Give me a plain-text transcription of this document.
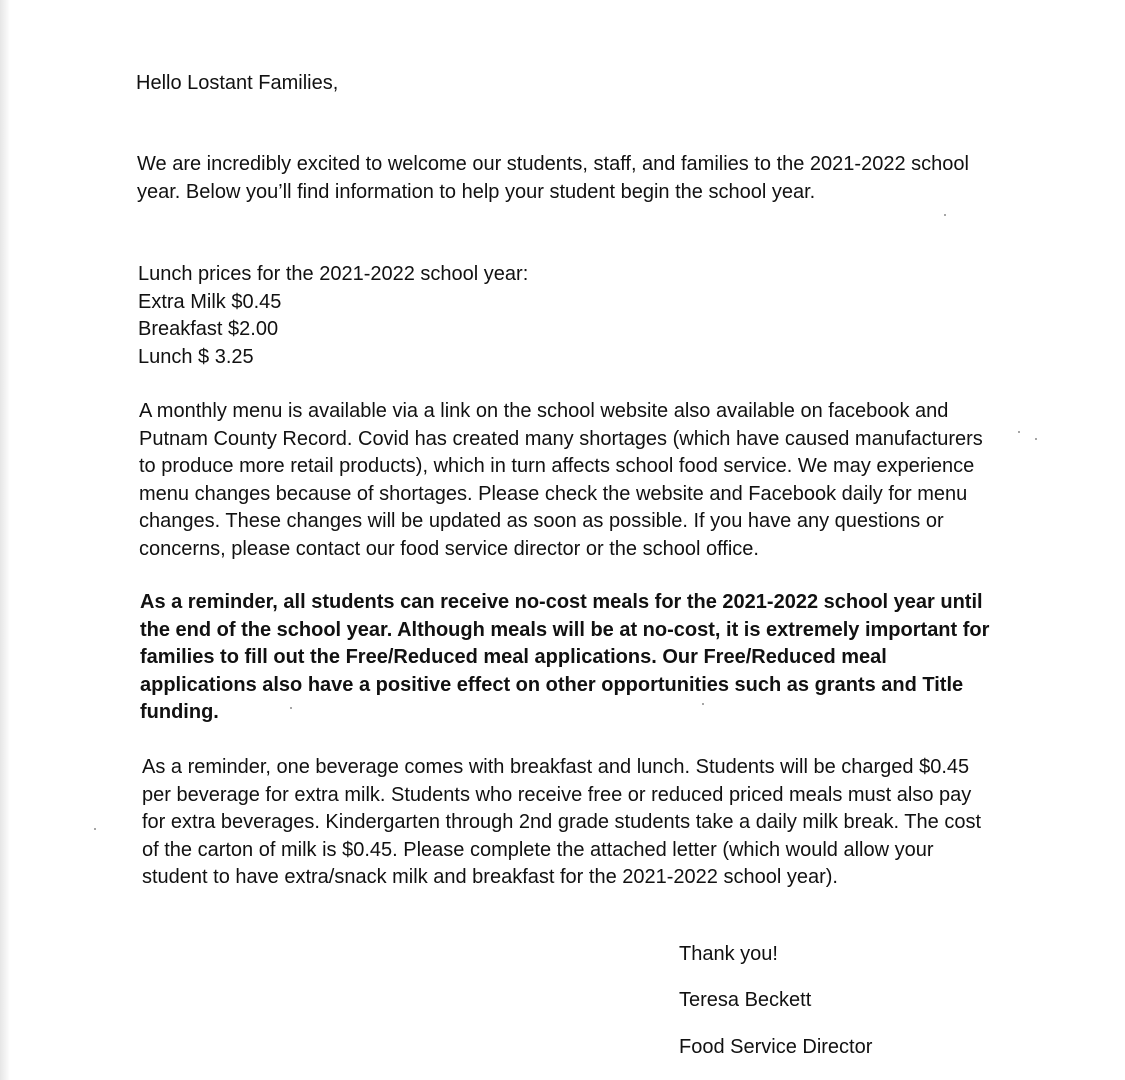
Hello Lostant Families,
We are incredibly excited to welcome our students, staff, and families to the 2021-2022 school
year. Below you’ll find information to help your student begin the school year.
Lunch prices for the 2021-2022 school year:
Extra Milk $0.45
Breakfast $2.00
Lunch $ 3.25
A monthly menu is available via a link on the school website also available on facebook and
Putnam County Record. Covid has created many shortages (which have caused manufacturers
to produce more retail products), which in turn affects school food service. We may experience
menu changes because of shortages. Please check the website and Facebook daily for menu
changes. These changes will be updated as soon as possible. If you have any questions or
concerns, please contact our food service director or the school office.
As a reminder, all students can receive no-cost meals for the 2021-2022 school year until
the end of the school year. Although meals will be at no-cost, it is extremely important for
families to fill out the Free/Reduced meal applications. Our Free/Reduced meal
applications also have a positive effect on other opportunities such as grants and Title
funding.
As a reminder, one beverage comes with breakfast and lunch. Students will be charged $0.45
per beverage for extra milk. Students who receive free or reduced priced meals must also pay
for extra beverages. Kindergarten through 2nd grade students take a daily milk break. The cost
of the carton of milk is $0.45. Please complete the attached letter (which would allow your
student to have extra/snack milk and breakfast for the 2021-2022 school year).
Thank you!
Teresa Beckett
Food Service Director
